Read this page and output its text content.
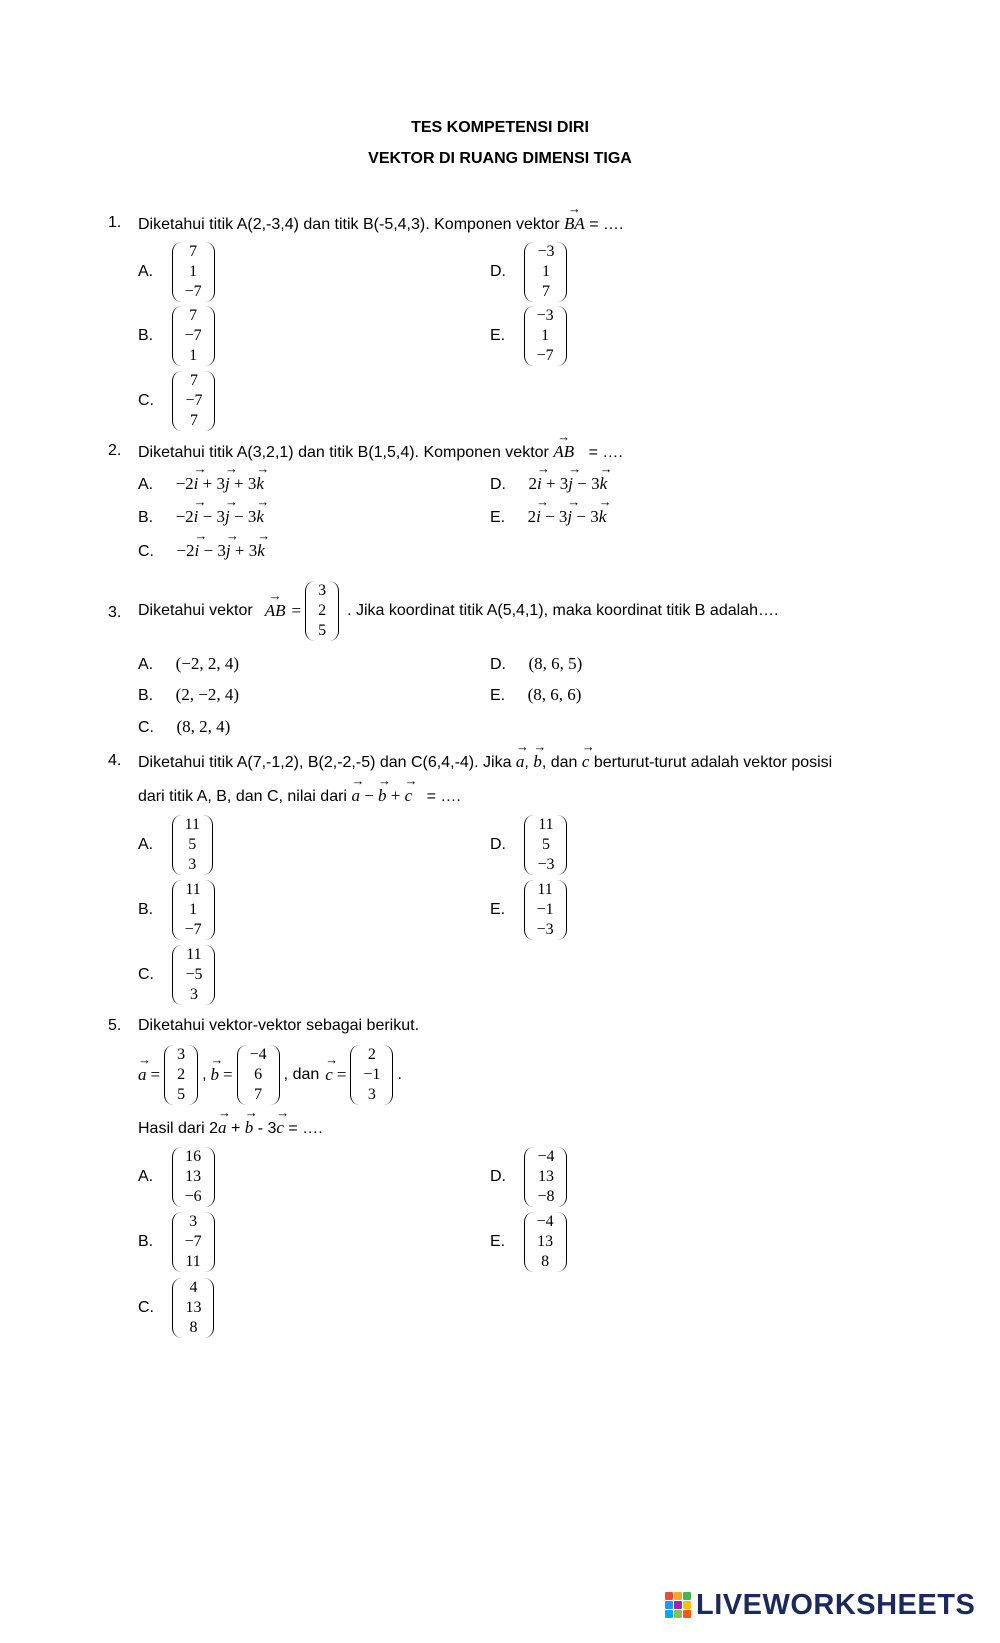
TES KOMPETENSI DIRI
VEKTOR DI RUANG DIMENSI TIGA
1. Diketahui titik A(2,-3,4) dan titik B(-5,4,3). Komponen vektor → BA = ….
A.
7
1
−7
B.
7
−7
1
C.
7
−7
7
D.
−3
1
7
E.
−3
1
−7
2. Diketahui titik A(3,2,1) dan titik B(1,5,4). Komponen vektor → AB = ….
A. −2→ i + 3→ j + 3→ k
B. −2→ i − 3→ j − 3→ k
C. −2→ i − 3→ j + 3→ k
D. 2→ i + 3→ j − 3→ k
E. 2→ i − 3→ j − 3→ k
3. Diketahui vektor → AB =
3
2
5
. Jika koordinat titik A(5,4,1), maka koordinat titik B adalah….
A. (−2, 2, 4)
B. (2, −2, 4)
C. (8, 2, 4)
D. (8, 6, 5)
E. (8, 6, 6)
4. Diketahui titik A(7,-1,2), B(2,-2,-5) dan C(6,4,-4). Jika → a, → b, dan → c berturut-turut adalah vektor posisi
dari titik A, B, dan C, nilai dari → a − → b + → c = ….
A.
11
5
3
B.
11
1
−7
C.
11
−5
3
D.
11
5
−3
E.
11
−1
−3
5. Diketahui vektor-vektor sebagai berikut.
→ a =
3
2
5
, → b =
−4
6
7
, dan → c =
2
−1
3
.
Hasil dari 2→ a + → b - 3→ c = ….
A.
16
13
−6
B.
3
−7
11
C.
4
13
8
D.
−4
13
−8
E.
−4
13
8
LIVEWORKSHEETS
